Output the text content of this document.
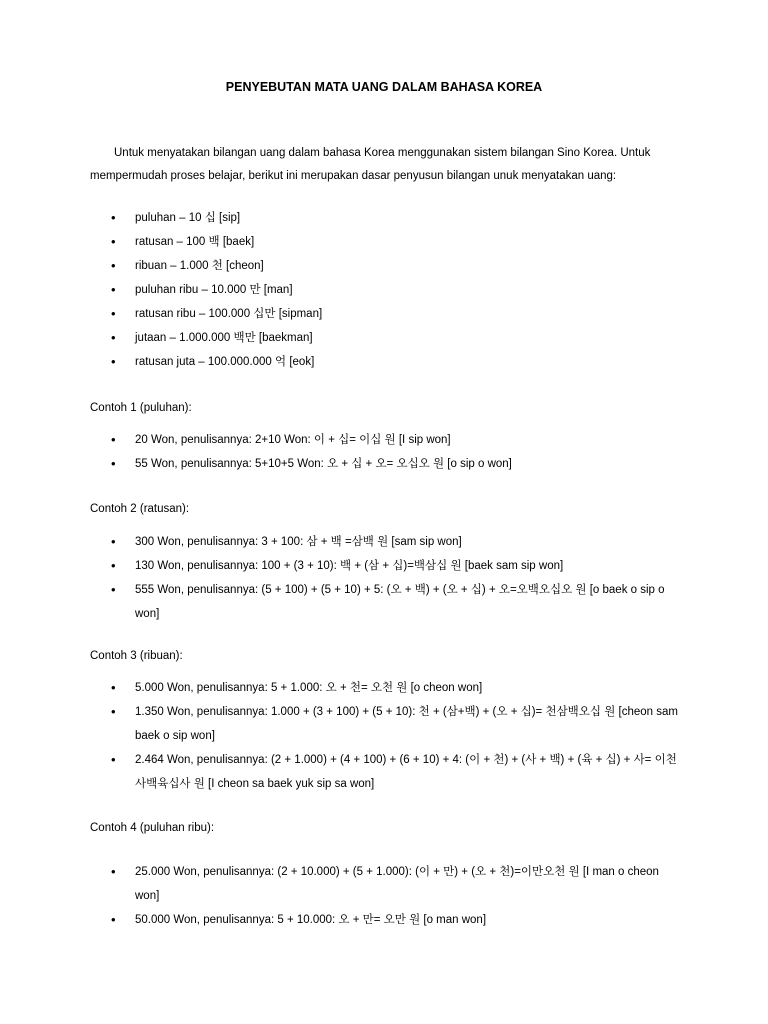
PENYEBUTAN MATA UANG DALAM BAHASA KOREA
Untuk menyatakan bilangan uang dalam bahasa Korea menggunakan sistem bilangan Sino Korea. Untuk mempermudah proses belajar, berikut ini merupakan dasar penyusun bilangan unuk menyatakan uang:
• puluhan – 10 십 [sip]
• ratusan – 100 백 [baek]
• ribuan – 1.000 천 [cheon]
• puluhan ribu – 10.000 만 [man]
• ratusan ribu – 100.000 십만 [sipman]
• jutaan – 1.000.000 백만 [baekman]
• ratusan juta – 100.000.000 억 [eok]
Contoh 1 (puluhan):
• 20 Won, penulisannya: 2+10 Won: 이 + 십= 이십 원 [I sip won]
• 55 Won, penulisannya: 5+10+5 Won: 오 + 십 + 오= 오십오 원 [o sip o won]
Contoh 2 (ratusan):
• 300 Won, penulisannya: 3 + 100: 삼 + 백 =삼백 원 [sam sip won]
• 130 Won, penulisannya: 100 + (3 + 10): 백 + (삼 + 십)=백삼십 원 [baek sam sip won]
• 555 Won, penulisannya: (5 + 100) + (5 + 10) + 5: (오 + 백) + (오 + 십) + 오=오백오십오 원 [o baek o sip o won]
Contoh 3 (ribuan):
• 5.000 Won, penulisannya: 5 + 1.000: 오 + 천= 오천 원 [o cheon won]
• 1.350 Won, penulisannya: 1.000 + (3 + 100) + (5 + 10): 천 + (삼+백) + (오 + 십)= 천삼백오십 원 [cheon sam baek o sip won]
• 2.464 Won, penulisannya: (2 + 1.000) + (4 + 100) + (6 + 10) + 4: (이 + 천) + (사 + 백) + (육 + 십) + 사= 이천사백육십사 원 [I cheon sa baek yuk sip sa won]
Contoh 4 (puluhan ribu):
• 25.000 Won, penulisannya: (2 + 10.000) + (5 + 1.000): (이 + 만) + (오 + 천)=이만오천 원 [I man o cheon won]
• 50.000 Won, penulisannya: 5 + 10.000: 오 + 만= 오만 원 [o man won]
